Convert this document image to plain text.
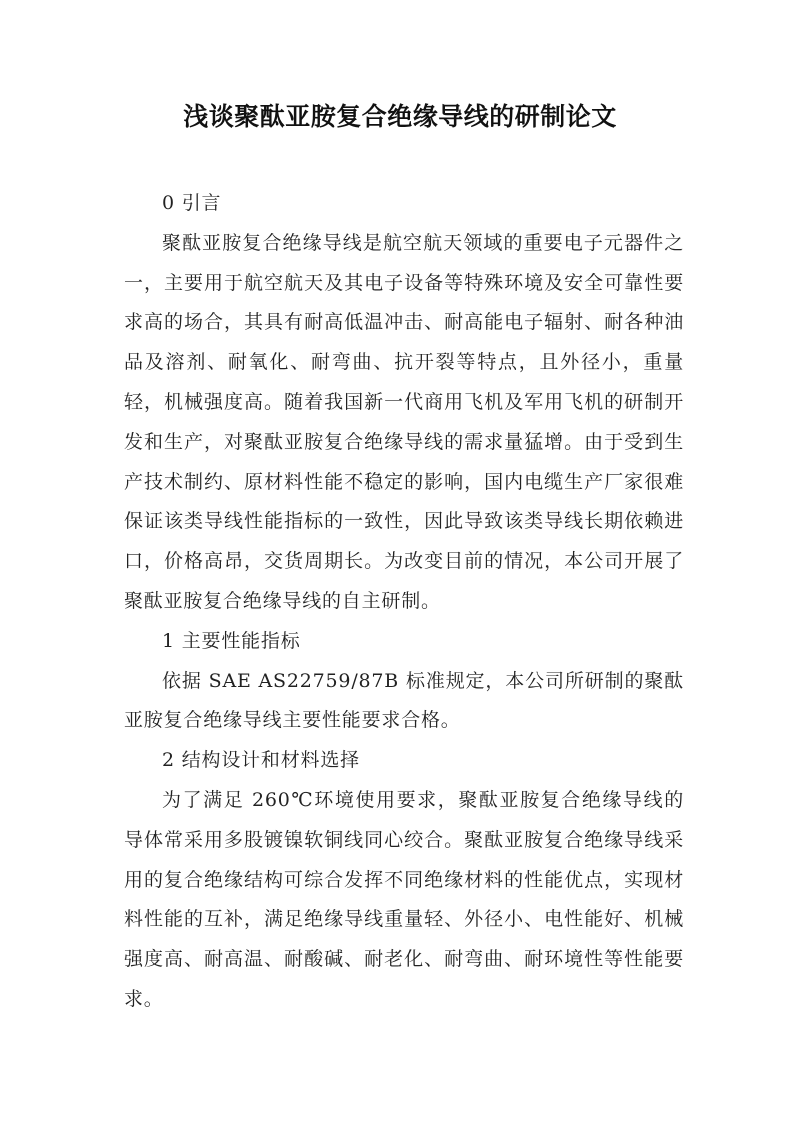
浅谈聚酞亚胺复合绝缘导线的研制论文

0 引言

聚酞亚胺复合绝缘导线是航空航天领域的重要电子元器件之一，主要用于航空航天及其电子设备等特殊环境及安全可靠性要求高的场合，其具有耐高低温冲击、耐高能电子辐射、耐各种油品及溶剂、耐氧化、耐弯曲、抗开裂等特点，且外径小，重量轻，机械强度高。随着我国新一代商用飞机及军用飞机的研制开发和生产，对聚酞亚胺复合绝缘导线的需求量猛增。由于受到生产技术制约、原材料性能不稳定的影响，国内电缆生产厂家很难保证该类导线性能指标的一致性，因此导致该类导线长期依赖进口，价格高昂，交货周期长。为改变目前的情况，本公司开展了聚酞亚胺复合绝缘导线的自主研制。

1 主要性能指标

依据 SAE AS22759/87B 标准规定，本公司所研制的聚酞亚胺复合绝缘导线主要性能要求合格。

2 结构设计和材料选择

为了满足 260℃环境使用要求，聚酞亚胺复合绝缘导线的导体常采用多股镀镍软铜线同心绞合。聚酞亚胺复合绝缘导线采用的复合绝缘结构可综合发挥不同绝缘材料的性能优点，实现材料性能的互补，满足绝缘导线重量轻、外径小、电性能好、机械强度高、耐高温、耐酸碱、耐老化、耐弯曲、耐环境性等性能要求。
